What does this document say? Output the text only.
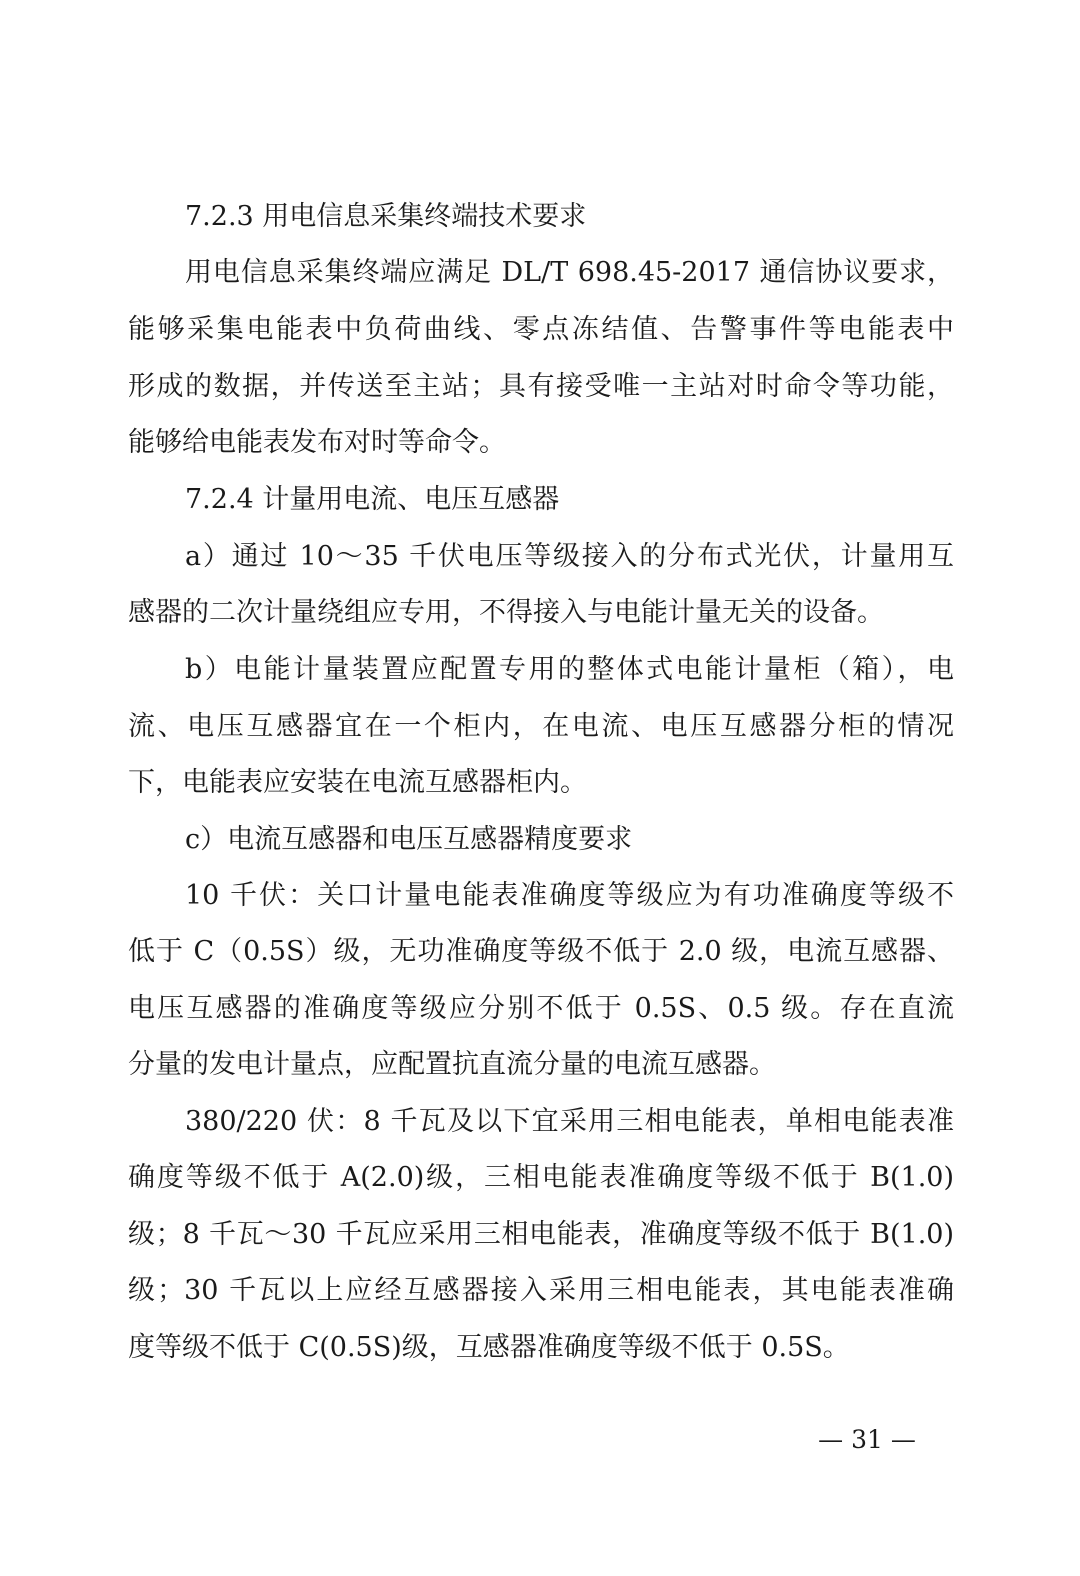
7.2.3 用电信息采集终端技术要求
用电信息采集终端应满足 DL/T 698.45-2017 通信协议要求，
能够采集电能表中负荷曲线、零点冻结值、告警事件等电能表中
形成的数据，并传送至主站；具有接受唯一主站对时命令等功能，
能够给电能表发布对时等命令。
7.2.4 计量用电流、电压互感器
a）通过 10～35 千伏电压等级接入的分布式光伏，计量用互
感器的二次计量绕组应专用，不得接入与电能计量无关的设备。
b）电能计量装置应配置专用的整体式电能计量柜（箱），电
流、电压互感器宜在一个柜内，在电流、电压互感器分柜的情况
下，电能表应安装在电流互感器柜内。
c）电流互感器和电压互感器精度要求
10 千伏：关口计量电能表准确度等级应为有功准确度等级不
低于 C（0.5S）级，无功准确度等级不低于 2.0 级，电流互感器、
电压互感器的准确度等级应分别不低于 0.5S、0.5 级。存在直流
分量的发电计量点，应配置抗直流分量的电流互感器。
380/220 伏：8 千瓦及以下宜采用三相电能表，单相电能表准
确度等级不低于 A(2.0)级，三相电能表准确度等级不低于 B(1.0)
级；8 千瓦～30 千瓦应采用三相电能表，准确度等级不低于 B(1.0)
级；30 千瓦以上应经互感器接入采用三相电能表，其电能表准确
度等级不低于 C(0.5S)级，互感器准确度等级不低于 0.5S。
— 31 —
